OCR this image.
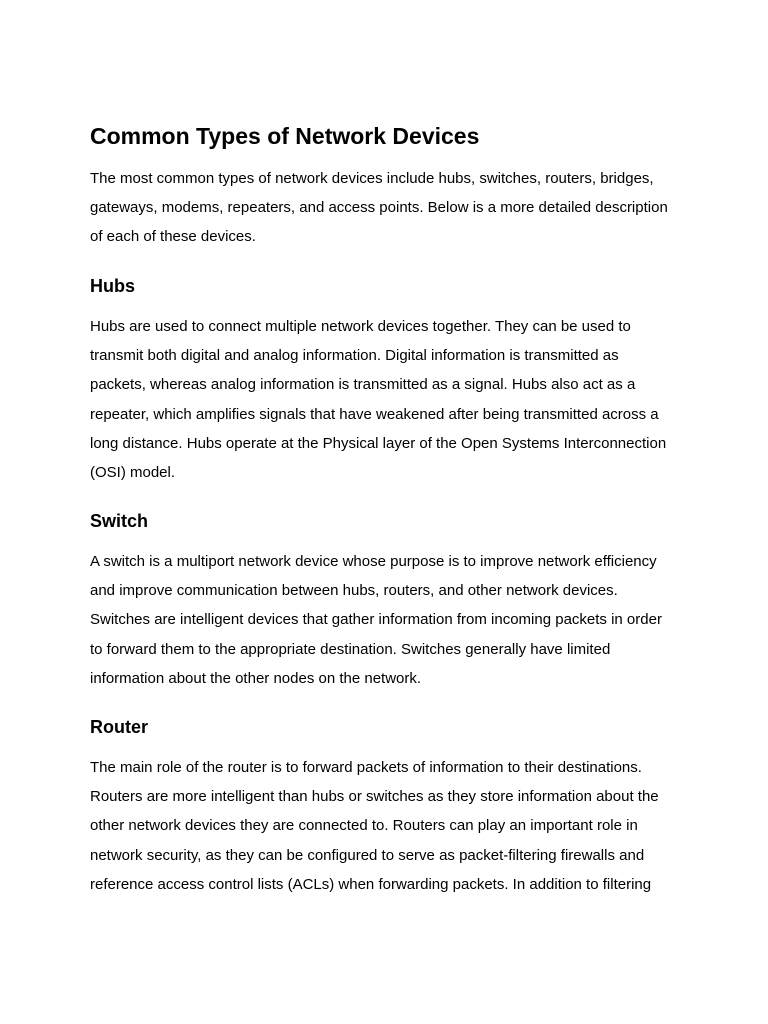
Common Types of Network Devices

The most common types of network devices include hubs, switches, routers, bridges,
gateways, modems, repeaters, and access points. Below is a more detailed description
of each of these devices.

Hubs

Hubs are used to connect multiple network devices together. They can be used to
transmit both digital and analog information. Digital information is transmitted as
packets, whereas analog information is transmitted as a signal. Hubs also act as a
repeater, which amplifies signals that have weakened after being transmitted across a
long distance. Hubs operate at the Physical layer of the Open Systems Interconnection
(OSI) model.

Switch

A switch is a multiport network device whose purpose is to improve network efficiency
and improve communication between hubs, routers, and other network devices.
Switches are intelligent devices that gather information from incoming packets in order
to forward them to the appropriate destination. Switches generally have limited
information about the other nodes on the network.

Router

The main role of the router is to forward packets of information to their destinations.
Routers are more intelligent than hubs or switches as they store information about the
other network devices they are connected to. Routers can play an important role in
network security, as they can be configured to serve as packet-filtering firewalls and
reference access control lists (ACLs) when forwarding packets. In addition to filtering
